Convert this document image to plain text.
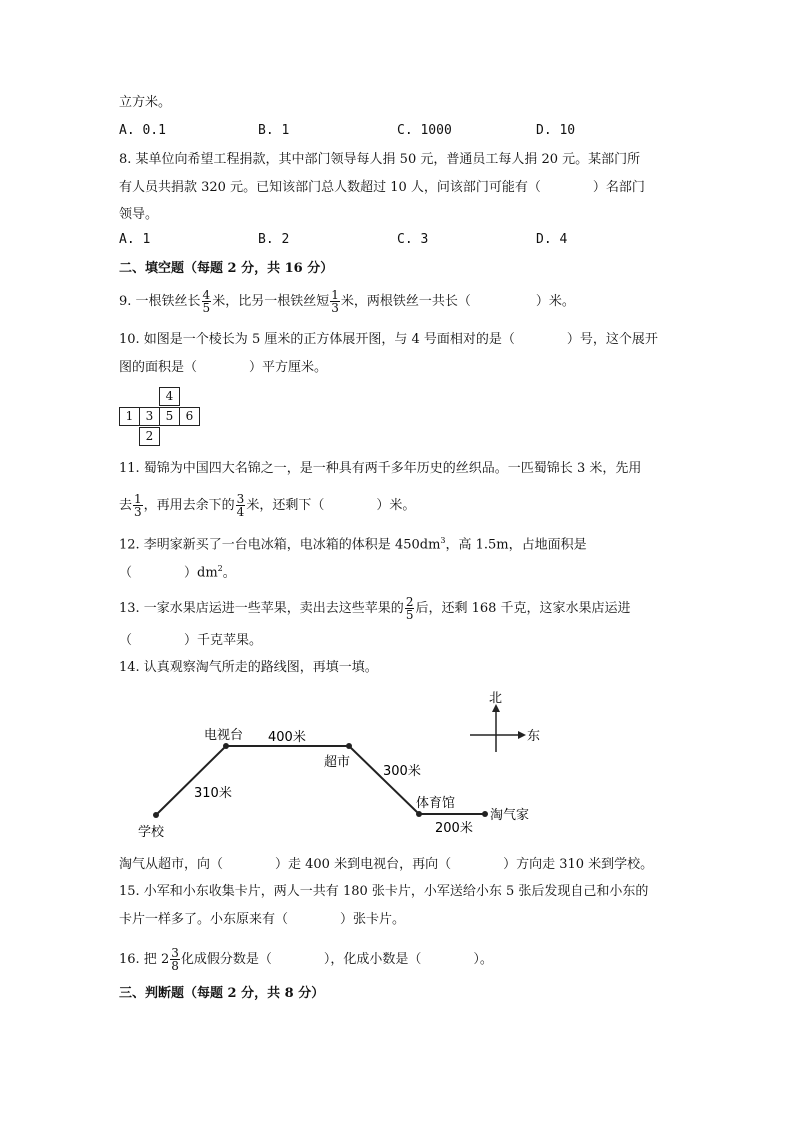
立方米。
A. 0.1	B. 1	C. 1000	D. 10
8. 某单位向希望工程捐款，其中部门领导每人捐 50 元，普通员工每人捐 20 元。某部门所
有人员共捐款 320 元。已知该部门总人数超过 10 人，问该部门可能有（　　　　）名部门
领导。
A. 1	B. 2	C. 3	D. 4
二、填空题（每题 2 分，共 16 分）
9. 一根铁丝长 $\frac{4}{5}$ 米，比另一根铁丝短 $\frac{1}{3}$ 米，两根铁丝一共长（　　　　　）米。
10. 如图是一个棱长为 5 厘米的正方体展开图，与 4 号面相对的是（　　　　）号，这个展开
图的面积是（　　　　）平方厘米。
4
1	3	5	6
2
11. 蜀锦为中国四大名锦之一，是一种具有两千多年历史的丝织品。一匹蜀锦长 3 米，先用
去 $\frac{1}{3}$ ，再用去余下的 $\frac{3}{4}$ 米，还剩下（　　　　）米。
12. 李明家新买了一台电冰箱，电冰箱的体积是 $450dm^3$，高 1.5m，占地面积是
（　　　　）$dm^2$。
13. 一家水果店运进一些苹果，卖出去这些苹果的 $\frac{2}{5}$ 后，还剩 168 千克，这家水果店运进
（　　　　）千克苹果。
14. 认真观察淘气所走的路线图，再填一填。
学校
电视台
超市
体育馆
淘气家
310米
400米
300米
200米
北
东
淘气从超市，向（　　　　）走 400 米到电视台，再向（　　　　）方向走 310 米到学校。
15. 小军和小东收集卡片，两人一共有 180 张卡片，小军送给小东 5 张后发现自己和小东的
卡片一样多了。小东原来有（　　　　）张卡片。
16. 把 $2 \frac{3}{8}$ 化成假分数是（　　　　），化成小数是（　　　　）。
三、判断题（每题 2 分，共 8 分）
